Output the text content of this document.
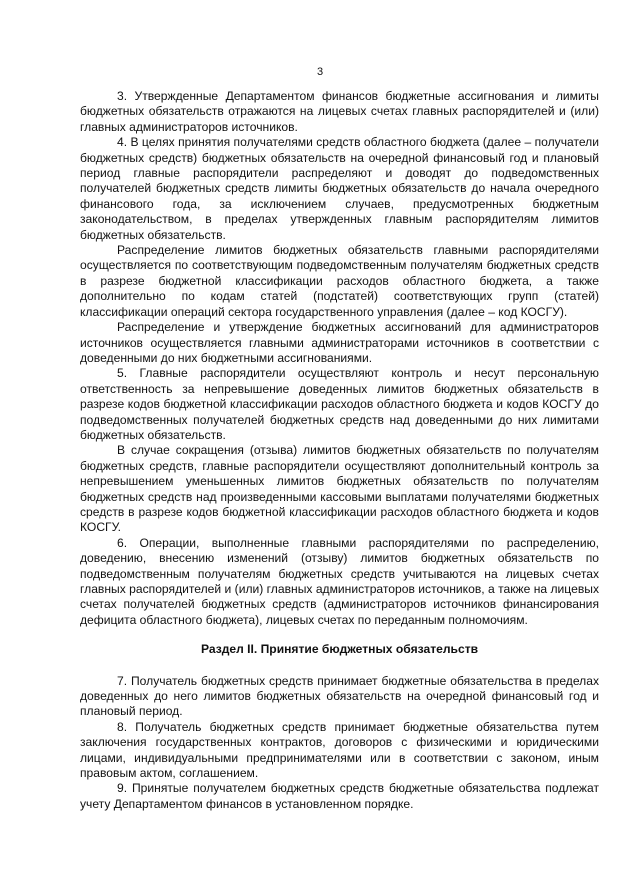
3

3. Утвержденные Департаментом финансов бюджетные ассигнования и лимиты бюджетных обязательств отражаются на лицевых счетах главных распорядителей и (или) главных администраторов источников.

4. В целях принятия получателями средств областного бюджета (далее – получатели бюджетных средств) бюджетных обязательств на очередной финансовый год и плановый период главные распорядители распределяют и доводят до подведомственных получателей бюджетных средств лимиты бюджетных обязательств до начала очередного финансового года, за исключением случаев, предусмотренных бюджетным законодательством, в пределах утвержденных главным распорядителям лимитов бюджетных обязательств.

Распределение лимитов бюджетных обязательств главными распорядителями осуществляется по соответствующим подведомственным получателям бюджетных средств в разрезе бюджетной классификации расходов областного бюджета, а также дополнительно по кодам статей (подстатей) соответствующих групп (статей) классификации операций сектора государственного управления (далее – код КОСГУ).

Распределение и утверждение бюджетных ассигнований для администраторов источников осуществляется главными администраторами источников в соответствии с доведенными до них бюджетными ассигнованиями.

5. Главные распорядители осуществляют контроль и несут персональную ответственность за непревышение доведенных лимитов бюджетных обязательств в разрезе кодов бюджетной классификации расходов областного бюджета и кодов КОСГУ до подведомственных получателей бюджетных средств над доведенными до них лимитами бюджетных обязательств.

В случае сокращения (отзыва) лимитов бюджетных обязательств по получателям бюджетных средств, главные распорядители осуществляют дополнительный контроль за непревышением уменьшенных лимитов бюджетных обязательств по получателям бюджетных средств над произведенными кассовыми выплатами получателями бюджетных средств в разрезе кодов бюджетной классификации расходов областного бюджета и кодов КОСГУ.

6. Операции, выполненные главными распорядителями по распределению, доведению, внесению изменений (отзыву) лимитов бюджетных обязательств по подведомственным получателям бюджетных средств учитываются на лицевых счетах главных распорядителей и (или) главных администраторов источников, а также на лицевых счетах получателей бюджетных средств (администраторов источников финансирования дефицита областного бюджета), лицевых счетах по переданным полномочиям.

Раздел II. Принятие бюджетных обязательств

7. Получатель бюджетных средств принимает бюджетные обязательства в пределах доведенных до него лимитов бюджетных обязательств на очередной финансовый год и плановый период.

8. Получатель бюджетных средств принимает бюджетные обязательства путем заключения государственных контрактов, договоров с физическими и юридическими лицами, индивидуальными предпринимателями или в соответствии с законом, иным правовым актом, соглашением.

9. Принятые получателем бюджетных средств бюджетные обязательства подлежат учету Департаментом финансов в установленном порядке.
